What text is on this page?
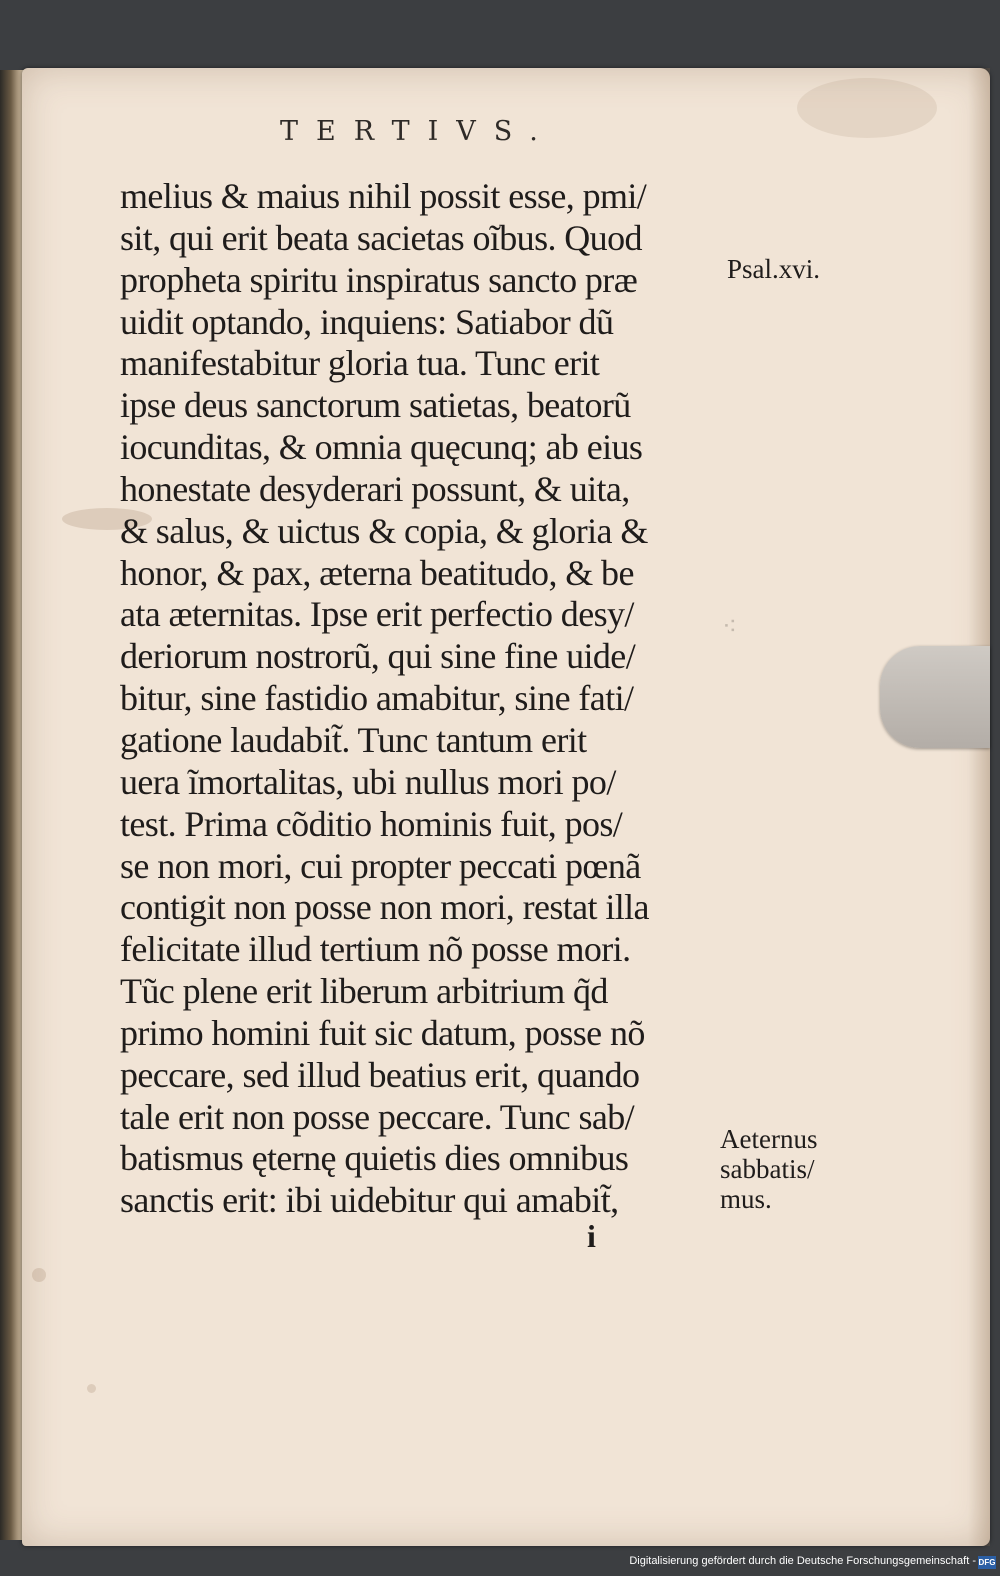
⁖
TERTIVS.
melius & maius nihil possit esse, pmi/
sit, qui erit beata sacietas oĩbus. Quod
propheta spiritu inspiratus sancto præ
uidit optando, inquiens: Satiabor dũ
manifestabitur gloria tua. Tunc erit
ipse deus sanctorum satietas, beatorũ
iocunditas, & omnia quęcunq; ab eius
honestate desyderari possunt, & uita,
& salus, & uictus & copia, & gloria &
honor, & pax, æterna beatitudo, & be
ata æternitas. Ipse erit perfectio desy/
deriorum nostrorũ, qui sine fine uide/
bitur, sine fastidio amabitur, sine fati/
gatione laudabit̃. Tunc tantum erit
uera ĩmortalitas, ubi nullus mori po/
test. Prima cõditio hominis fuit, pos/
se non mori, cui propter peccati pœnã
contigit non posse non mori, restat illa
felicitate illud tertium nõ posse mori.
Tũc plene erit liberum arbitrium q̃d
primo homini fuit sic datum, posse nõ
peccare, sed illud beatius erit, quando
tale erit non posse peccare. Tunc sab/
batismus ęternę quietis dies omnibus
sanctis erit: ibi uidebitur qui amabit̃,
Psal.xvi.
Aeternus
sabbatis/
mus.
i
Digitalisierung gefördert durch die Deutsche Forschungsgemeinschaft - DFG
